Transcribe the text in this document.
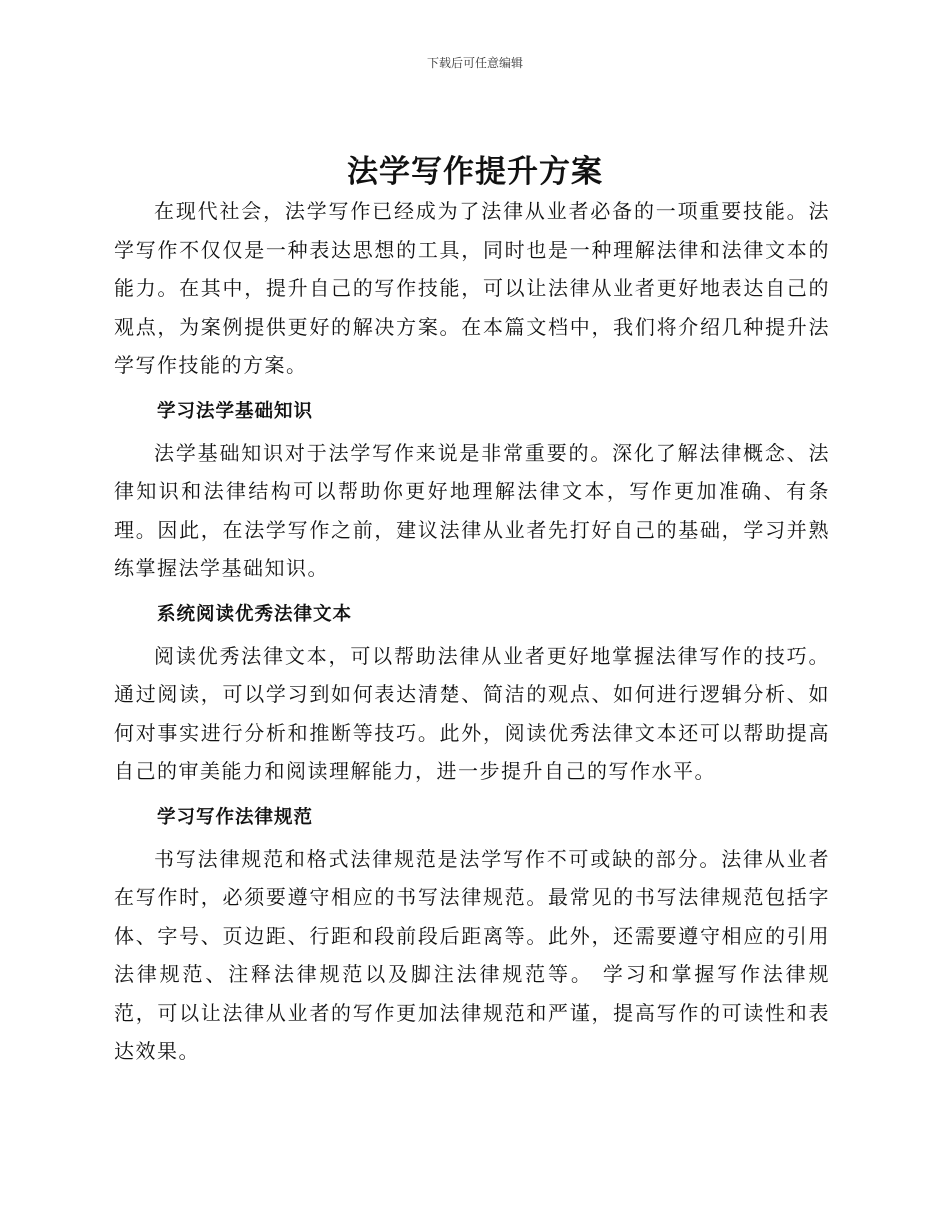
下载后可任意编辑
法学写作提升方案

在现代社会，法学写作已经成为了法律从业者必备的一项重要技能。法学写作不仅仅是一种表达思想的工具，同时也是一种理解法律和法律文本的能力。在其中，提升自己的写作技能，可以让法律从业者更好地表达自己的观点，为案例提供更好的解决方案。在本篇文档中，我们将介绍几种提升法学写作技能的方案。

学习法学基础知识

法学基础知识对于法学写作来说是非常重要的。深化了解法律概念、法律知识和法律结构可以帮助你更好地理解法律文本，写作更加准确、有条理。因此，在法学写作之前，建议法律从业者先打好自己的基础，学习并熟练掌握法学基础知识。

系统阅读优秀法律文本

阅读优秀法律文本，可以帮助法律从业者更好地掌握法律写作的技巧。通过阅读，可以学习到如何表达清楚、简洁的观点、如何进行逻辑分析、如何对事实进行分析和推断等技巧。此外，阅读优秀法律文本还可以帮助提高自己的审美能力和阅读理解能力，进一步提升自己的写作水平。

学习写作法律规范

书写法律规范和格式法律规范是法学写作不可或缺的部分。法律从业者在写作时，必须要遵守相应的书写法律规范。最常见的书写法律规范包括字体、字号、页边距、行距和段前段后距离等。此外，还需要遵守相应的引用法律规范、注释法律规范以及脚注法律规范等。 学习和掌握写作法律规范，可以让法律从业者的写作更加法律规范和严谨，提高写作的可读性和表达效果。
